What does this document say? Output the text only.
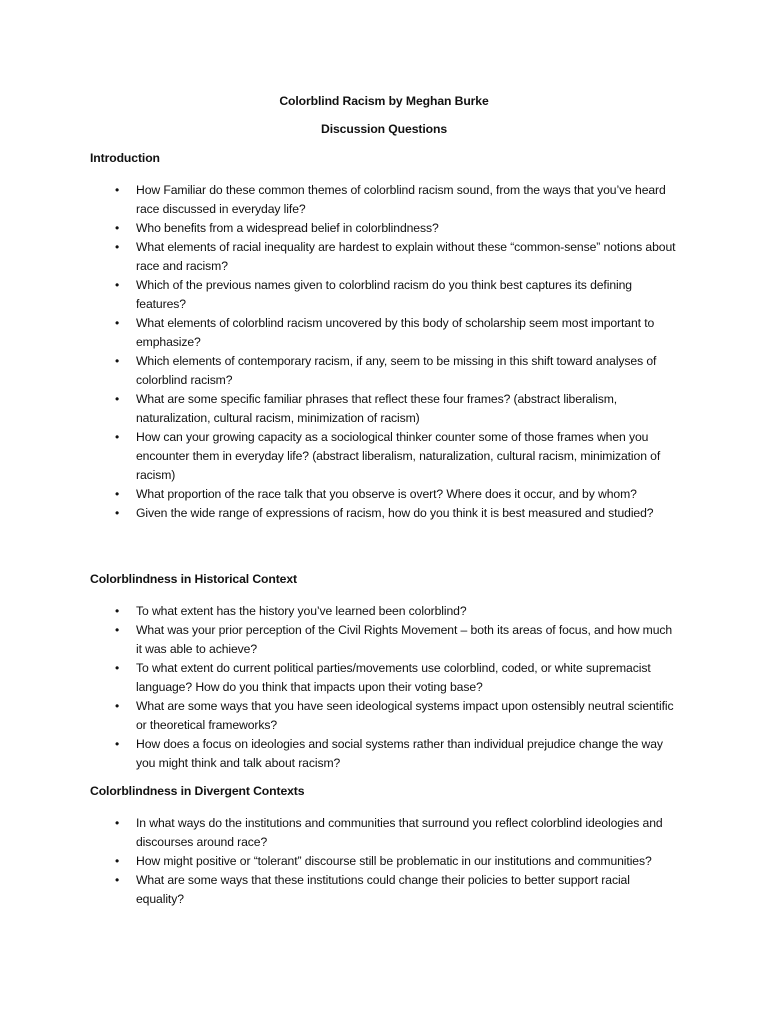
Colorblind Racism by Meghan Burke
Discussion Questions
Introduction
• How Familiar do these common themes of colorblind racism sound, from the ways that you’ve heard race discussed in everyday life?
• Who benefits from a widespread belief in colorblindness?
• What elements of racial inequality are hardest to explain without these “common-sense” notions about race and racism?
• Which of the previous names given to colorblind racism do you think best captures its defining features?
• What elements of colorblind racism uncovered by this body of scholarship seem most important to emphasize?
• Which elements of contemporary racism, if any, seem to be missing in this shift toward analyses of colorblind racism?
• What are some specific familiar phrases that reflect these four frames? (abstract liberalism, naturalization, cultural racism, minimization of racism)
• How can your growing capacity as a sociological thinker counter some of those frames when you encounter them in everyday life? (abstract liberalism, naturalization, cultural racism, minimization of racism)
• What proportion of the race talk that you observe is overt? Where does it occur, and by whom?
• Given the wide range of expressions of racism, how do you think it is best measured and studied?
Colorblindness in Historical Context
• To what extent has the history you’ve learned been colorblind?
• What was your prior perception of the Civil Rights Movement – both its areas of focus, and how much it was able to achieve?
• To what extent do current political parties/movements use colorblind, coded, or white supremacist language? How do you think that impacts upon their voting base?
• What are some ways that you have seen ideological systems impact upon ostensibly neutral scientific or theoretical frameworks?
• How does a focus on ideologies and social systems rather than individual prejudice change the way you might think and talk about racism?
Colorblindness in Divergent Contexts
• In what ways do the institutions and communities that surround you reflect colorblind ideologies and discourses around race?
• How might positive or “tolerant” discourse still be problematic in our institutions and communities?
• What are some ways that these institutions could change their policies to better support racial equality?
